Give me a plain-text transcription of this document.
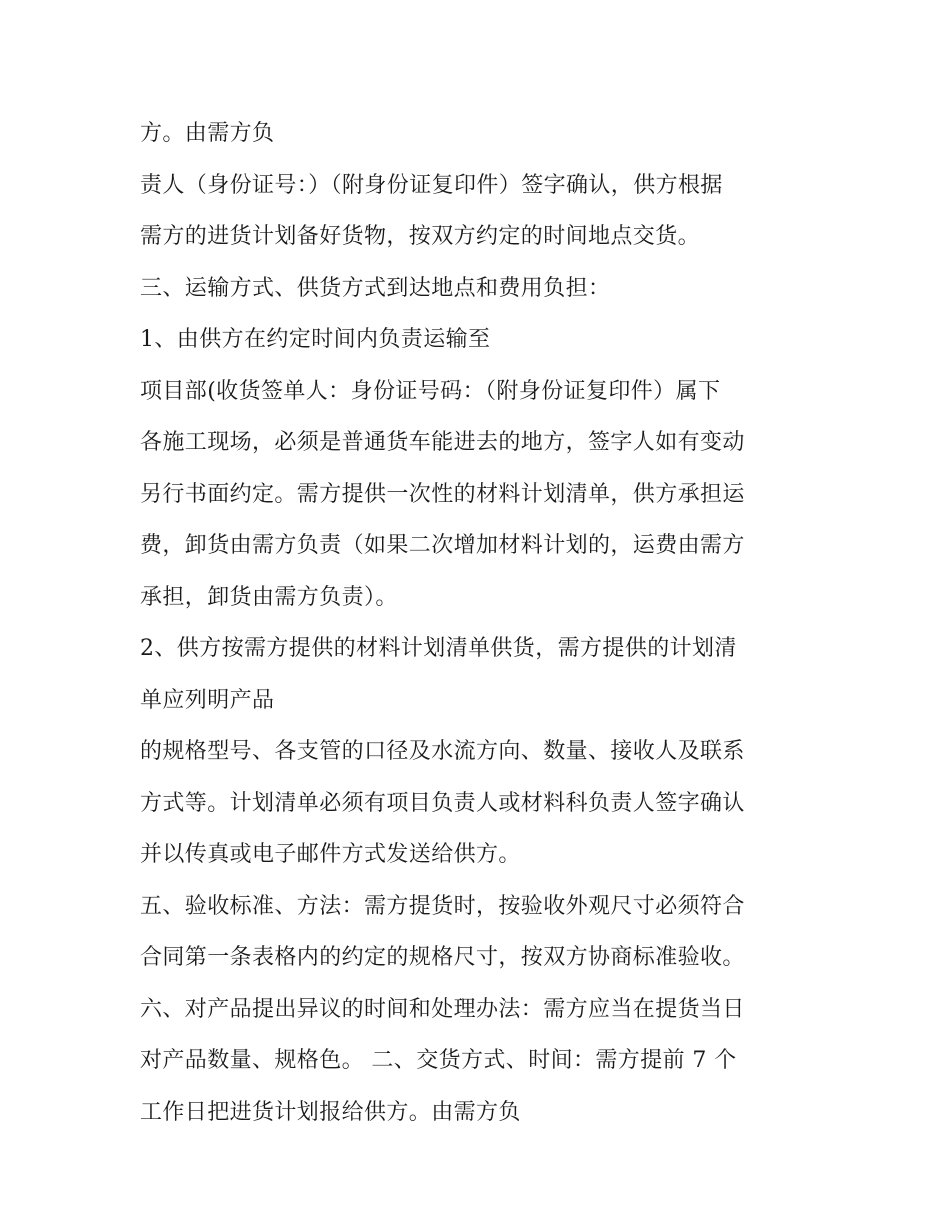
方。由需方负
责人（身份证号：）（附身份证复印件）签字确认，供方根据
需方的进货计划备好货物，按双方约定的时间地点交货。
三、运输方式、供货方式到达地点和费用负担：
1、由供方在约定时间内负责运输至
项目部(收货签单人：身份证号码：（附身份证复印件）属下
各施工现场，必须是普通货车能进去的地方，签字人如有变动
另行书面约定。需方提供一次性的材料计划清单，供方承担运
费，卸货由需方负责（如果二次增加材料计划的，运费由需方
承担，卸货由需方负责）。
2、供方按需方提供的材料计划清单供货，需方提供的计划清
单应列明产品
的规格型号、各支管的口径及水流方向、数量、接收人及联系
方式等。计划清单必须有项目负责人或材料科负责人签字确认
并以传真或电子邮件方式发送给供方。
五、验收标准、方法：需方提货时，按验收外观尺寸必须符合
合同第一条表格内的约定的规格尺寸，按双方协商标准验收。
六、对产品提出异议的时间和处理办法：需方应当在提货当日
对产品数量、规格色。 二、交货方式、时间：需方提前 7 个
工作日把进货计划报给供方。由需方负
